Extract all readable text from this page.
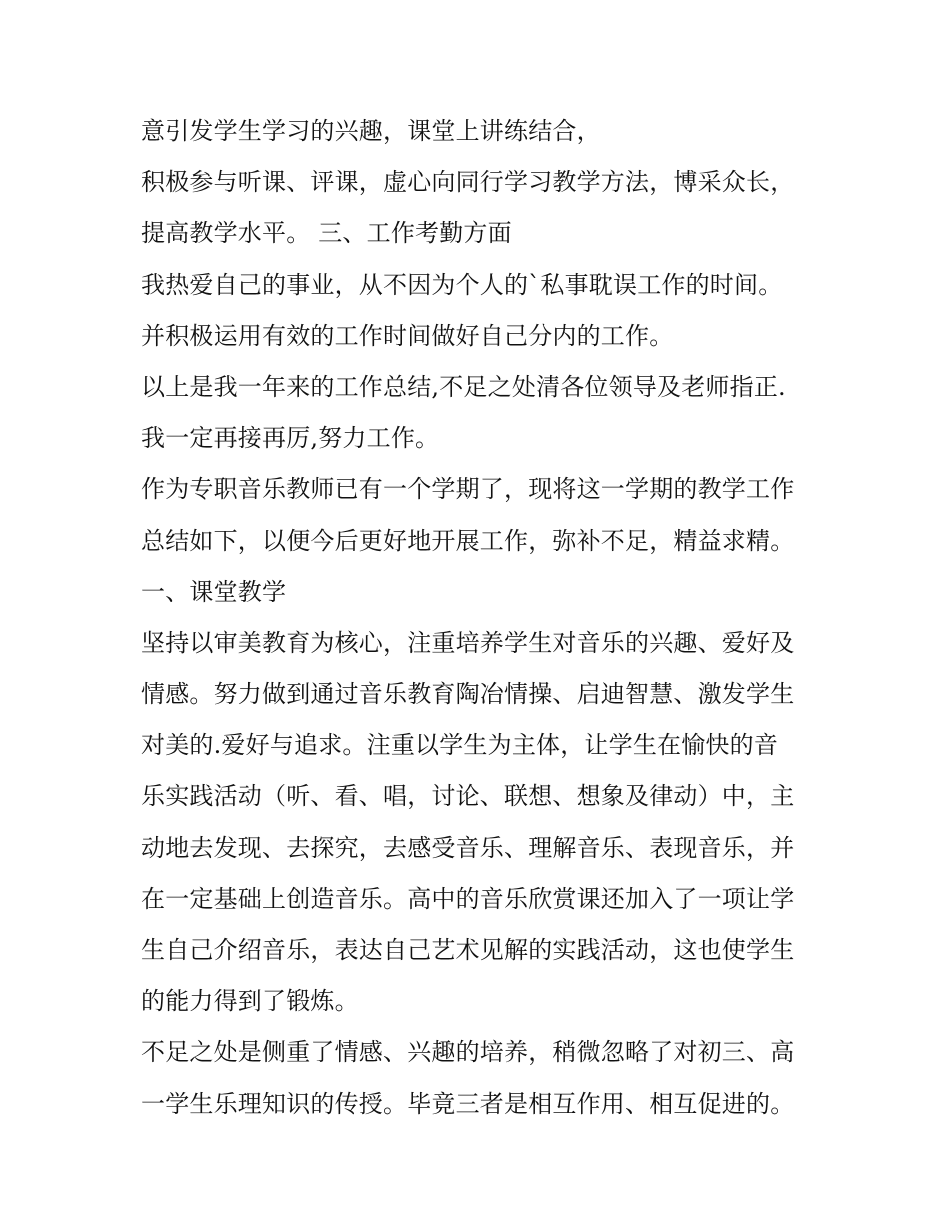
意引发学生学习的兴趣，课堂上讲练结合，
积极参与听课、评课，虚心向同行学习教学方法，博采众长，
提高教学水平。 三、工作考勤方面
我热爱自己的事业，从不因为个人的`私事耽误工作的时间。
并积极运用有效的工作时间做好自己分内的工作。
以上是我一年来的工作总结,不足之处清各位领导及老师指正.
我一定再接再厉,努力工作。
作为专职音乐教师已有一个学期了，现将这一学期的教学工作
总结如下，以便今后更好地开展工作，弥补不足，精益求精。
一、课堂教学
坚持以审美教育为核心，注重培养学生对音乐的兴趣、爱好及
情感。努力做到通过音乐教育陶冶情操、启迪智慧、激发学生
对美的.爱好与追求。注重以学生为主体，让学生在愉快的音
乐实践活动（听、看、唱，讨论、联想、想象及律动）中，主
动地去发现、去探究，去感受音乐、理解音乐、表现音乐，并
在一定基础上创造音乐。高中的音乐欣赏课还加入了一项让学
生自己介绍音乐，表达自己艺术见解的实践活动，这也使学生
的能力得到了锻炼。
不足之处是侧重了情感、兴趣的培养，稍微忽略了对初三、高
一学生乐理知识的传授。毕竟三者是相互作用、相互促进的。
